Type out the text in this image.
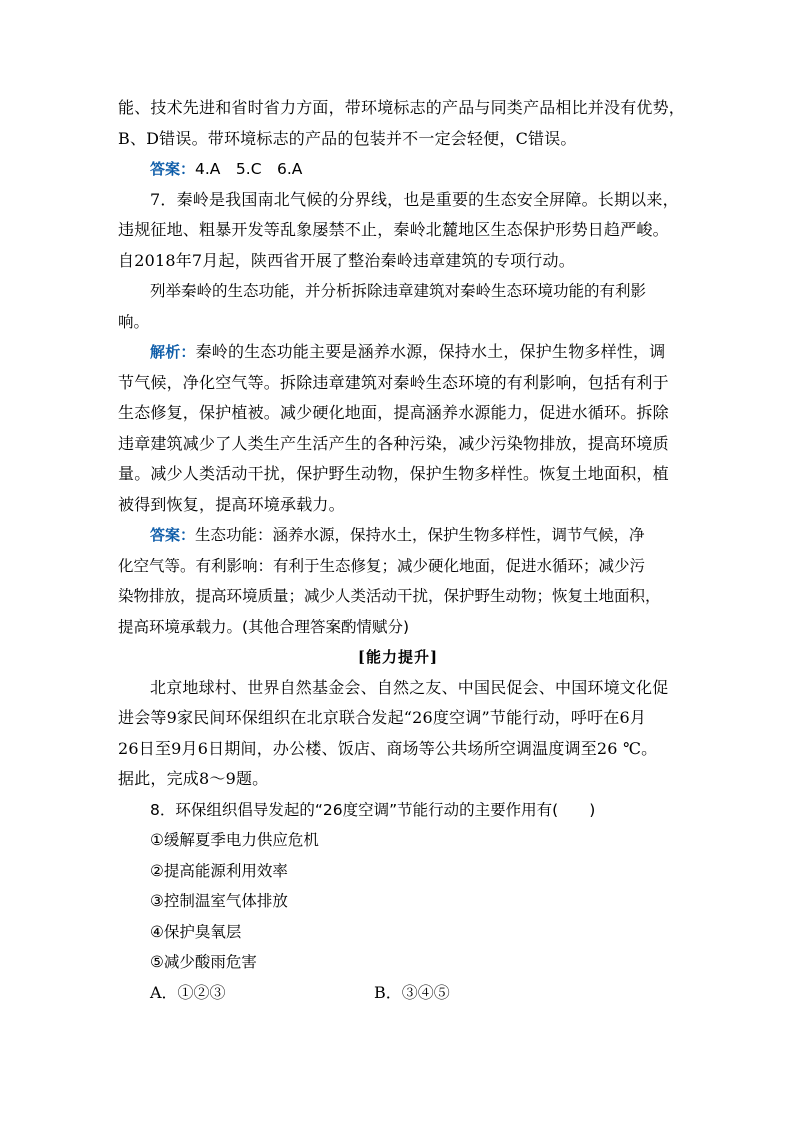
能、技术先进和省时省力方面，带环境标志的产品与同类产品相比并没有优势，

B、D错误。带环境标志的产品的包装并不一定会轻便，C错误。

答案：4.A　5.C　6.A

7．秦岭是我国南北气候的分界线，也是重要的生态安全屏障。长期以来，

违规征地、粗暴开发等乱象屡禁不止，秦岭北麓地区生态保护形势日趋严峻。

自2018年7月起，陕西省开展了整治秦岭违章建筑的专项行动。

列举秦岭的生态功能，并分析拆除违章建筑对秦岭生态环境功能的有利影

响。

解析：秦岭的生态功能主要是涵养水源，保持水土，保护生物多样性，调

节气候，净化空气等。拆除违章建筑对秦岭生态环境的有利影响，包括有利于

生态修复，保护植被。减少硬化地面，提高涵养水源能力，促进水循环。拆除

违章建筑减少了人类生产生活产生的各种污染，减少污染物排放，提高环境质

量。减少人类活动干扰，保护野生动物，保护生物多样性。恢复土地面积，植

被得到恢复，提高环境承载力。

答案：生态功能：涵养水源，保持水土，保护生物多样性，调节气候，净

化空气等。有利影响：有利于生态修复；减少硬化地面，促进水循环；减少污

染物排放，提高环境质量；减少人类活动干扰，保护野生动物；恢复土地面积，

提高环境承载力。(其他合理答案酌情赋分)

[能力提升]

北京地球村、世界自然基金会、自然之友、中国民促会、中国环境文化促

进会等9家民间环保组织在北京联合发起“26度空调”节能行动，呼吁在6月

26日至9月6日期间，办公楼、饭店、商场等公共场所空调温度调至26 ℃。

据此，完成8～9题。

8．环保组织倡导发起的“26度空调”节能行动的主要作用有(　　)

①缓解夏季电力供应危机

②提高能源利用效率

③控制温室气体排放

④保护臭氧层

⑤减少酸雨危害

A．①②③	B．③④⑤
